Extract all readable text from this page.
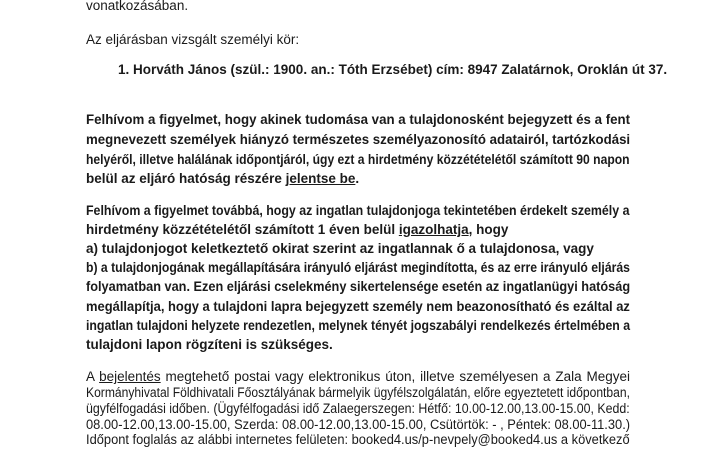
vonatkozásában.
Az eljárásban vizsgált személyi kör:
1. Horváth János (szül.: 1900. an.: Tóth Erzsébet) cím: 8947 Zalatárnok, Oroklán út 37.
Felhívom a figyelmet, hogy akinek tudomása van a tulajdonosként bejegyzett és a fent
megnevezett személyek hiányzó természetes személyazonosító adatairól, tartózkodási
helyéről, illetve halálának időpontjáról, úgy ezt a hirdetmény közzétételétől számított 90 napon
belül az eljáró hatóság részére jelentse be.
Felhívom a figyelmet továbbá, hogy az ingatlan tulajdonjoga tekintetében érdekelt személy a
hirdetmény közzétételétől számított 1 éven belül igazolhatja, hogy
a) tulajdonjogot keletkeztető okirat szerint az ingatlannak ő a tulajdonosa, vagy
b) a tulajdonjogának megállapítására irányuló eljárást megindította, és az erre irányuló eljárás
folyamatban van. Ezen eljárási cselekmény sikertelensége esetén az ingatlanügyi hatóság
megállapítja, hogy a tulajdoni lapra bejegyzett személy nem beazonosítható és ezáltal az
ingatlan tulajdoni helyzete rendezetlen, melynek tényét jogszabályi rendelkezés értelmében a
tulajdoni lapon rögzíteni is szükséges.
A bejelentés megtehető postai vagy elektronikus úton, illetve személyesen a Zala Megyei
Kormányhivatal Földhivatali Főosztályának bármelyik ügyfélszolgálatán, előre egyeztetett időpontban,
ügyfélfogadási időben. (Ügyfélfogadási idő Zalaegerszegen: Hétfő: 10.00-12.00,13.00-15.00, Kedd:
08.00-12.00,13.00-15.00, Szerda: 08.00-12.00,13.00-15.00, Csütörtök: - , Péntek: 08.00-11.30.)
Időpont foglalás az alábbi internetes felületen: booked4.us/p-nevpely@booked4.us a következő
